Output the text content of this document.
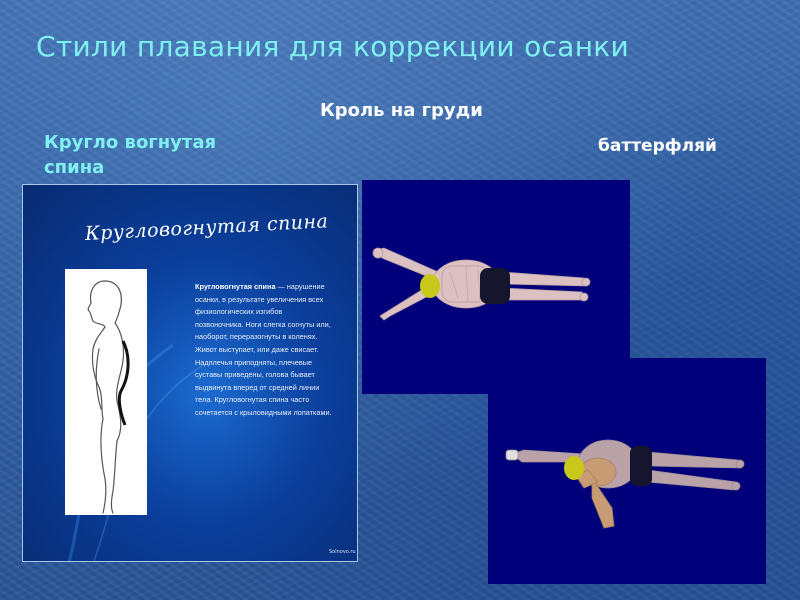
Стили плавания для коррекции осанки
Кроль на груди
Кругло вогнутая
спина
баттерфляй
Кругловогнутая спина
Кругловогнутая спина — нарушение
осанки, в результате увеличения всех
физиологических изгибов
позвоночника. Ноги слегка согнуты или,
наоборот, переразогнуты в коленях.
Живот выступает, или даже свисает.
Надплечья приподняты, плечевые
суставы приведены, голова бывает
выдвинута вперед от средней линии
тела. Кругловогнутая спина часто
сочетается с крыловидными лопатками.
Solnovo.ru
